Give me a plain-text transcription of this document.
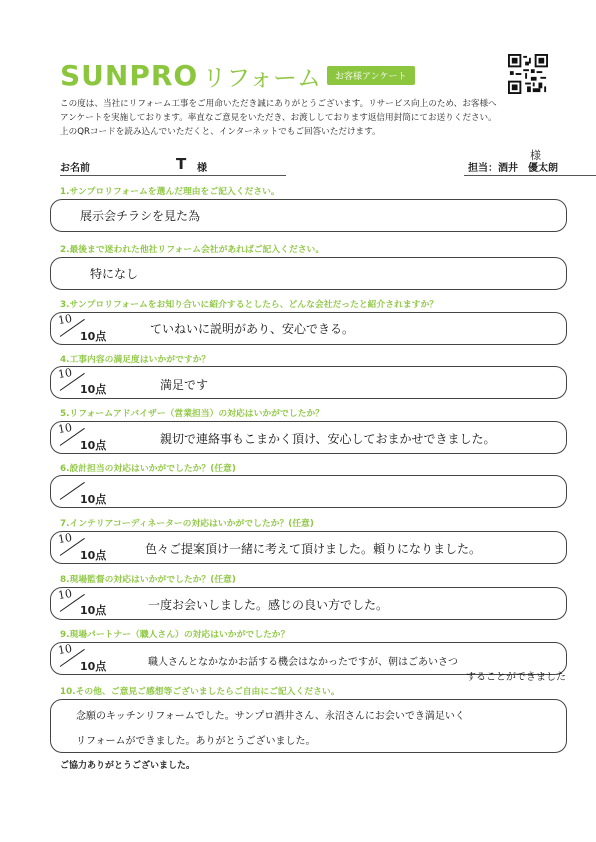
SUNPRO リフォーム	お客様アンケート
この度は、当社にリフォーム工事をご用命いただき誠にありがとうございます。リサービス向上のため、お客様へ
アンケートを実施しております。率直なご意見をいただき、お渡ししております返信用封筒にてお送りください。
上のQRコードを読み込んでいただくと、インターネットでもご回答いただけます。
お名前	T 様	担当：酒井　優太朗
様
1.サンプロリフォームを選んだ理由をご記入ください。
展示会チラシを見た為
2.最後まで迷われた他社リフォーム会社があればご記入ください。
特になし
3.サンプロリフォームをお知り合いに紹介するとしたら、どんな会社だったと紹介されますか？
10
10点
ていねいに説明があり、安心できる。
4.工事内容の満足度はいかがですか？
10
10点	満足です
5.リフォームアドバイザー（営業担当）の対応はいかがでしたか？
10
10点	親切で連絡事もこまかく頂け、安心しておまかせできました。
6.設計担当の対応はいかがでしたか？(任意)
10点
7.インテリアコーディネーターの対応はいかがでしたか？(任意)
10
10点	色々ご提案頂け一緒に考えて頂けました。頼りになりました。
8.現場監督の対応はいかがでしたか？(任意)
10
10点	一度お会いしました。感じの良い方でした。
9.現場パートナー（職人さん）の対応はいかがでしたか？
10
10点	職人さんとなかなかお話する機会はなかったですが、朝はごあいさつ
することができました
10.その他、ご意見ご感想等ございましたらご自由にご記入ください。
念願のキッチンリフォームでした。サンプロ酒井さん、永沼さんにお会いでき満足いく
リフォームができました。ありがとうございました。
ご協力ありがとうございました。
